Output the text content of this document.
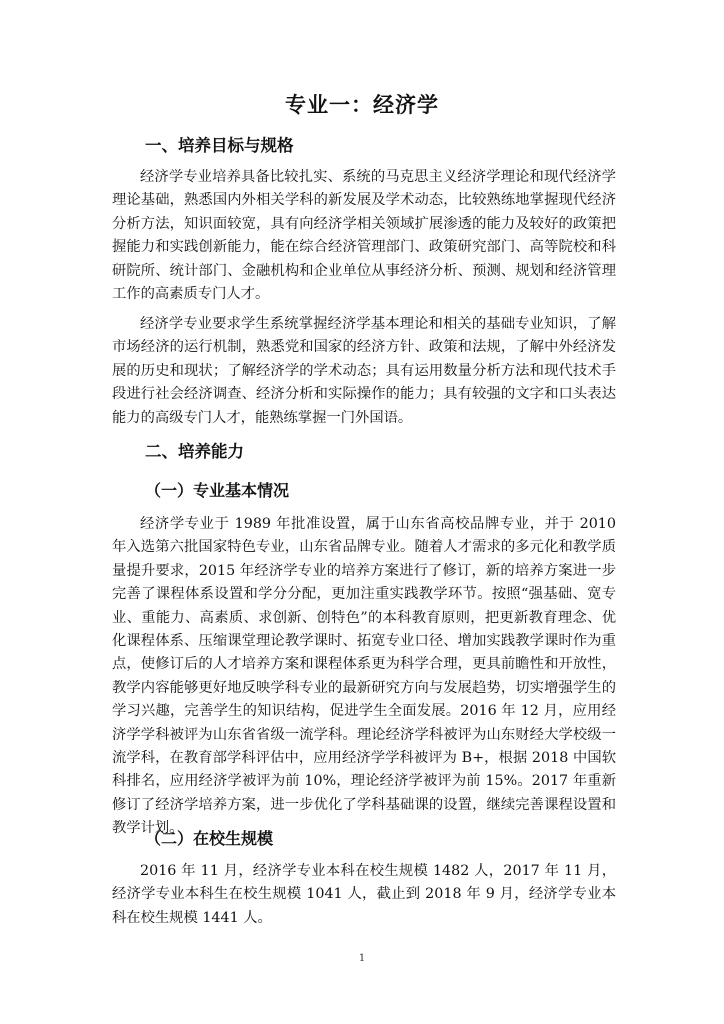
专业一：经济学
一、培养目标与规格

经济学专业培养具备比较扎实、系统的马克思主义经济学理论和现代经济学理论基础，熟悉国内外相关学科的新发展及学术动态，比较熟练地掌握现代经济分析方法，知识面较宽，具有向经济学相关领域扩展渗透的能力及较好的政策把握能力和实践创新能力，能在综合经济管理部门、政策研究部门、高等院校和科研院所、统计部门、金融机构和企业单位从事经济分析、预测、规划和经济管理工作的高素质专门人才。

经济学专业要求学生系统掌握经济学基本理论和相关的基础专业知识，了解市场经济的运行机制，熟悉党和国家的经济方针、政策和法规，了解中外经济发展的历史和现状；了解经济学的学术动态；具有运用数量分析方法和现代技术手段进行社会经济调查、经济分析和实际操作的能力；具有较强的文字和口头表达能力的高级专门人才，能熟练掌握一门外国语。

二、培养能力
（一）专业基本情况

经济学专业于 1989 年批准设置，属于山东省高校品牌专业，并于 2010 年入选第六批国家特色专业，山东省品牌专业。随着人才需求的多元化和教学质量提升要求，2015 年经济学专业的培养方案进行了修订，新的培养方案进一步完善了课程体系设置和学分分配，更加注重实践教学环节。按照“强基础、宽专业、重能力、高素质、求创新、创特色”的本科教育原则，把更新教育理念、优化课程体系、压缩课堂理论教学课时、拓宽专业口径、增加实践教学课时作为重点，使修订后的人才培养方案和课程体系更为科学合理，更具前瞻性和开放性，教学内容能够更好地反映学科专业的最新研究方向与发展趋势，切实增强学生的学习兴趣，完善学生的知识结构，促进学生全面发展。2016 年 12 月，应用经济学学科被评为山东省省级一流学科。理论经济学科被评为山东财经大学校级一流学科，在教育部学科评估中，应用经济学学科被评为 B+，根据 2018 中国软科排名，应用经济学被评为前 10%，理论经济学被评为前 15%。2017 年重新修订了经济学培养方案，进一步优化了学科基础课的设置，继续完善课程设置和教学计划。

（二）在校生规模

2016 年 11 月，经济学专业本科在校生规模 1482 人，2017 年 11 月，经济学专业本科生在校生规模 1041 人，截止到 2018 年 9 月，经济学专业本科在校生规模 1441 人。

1
